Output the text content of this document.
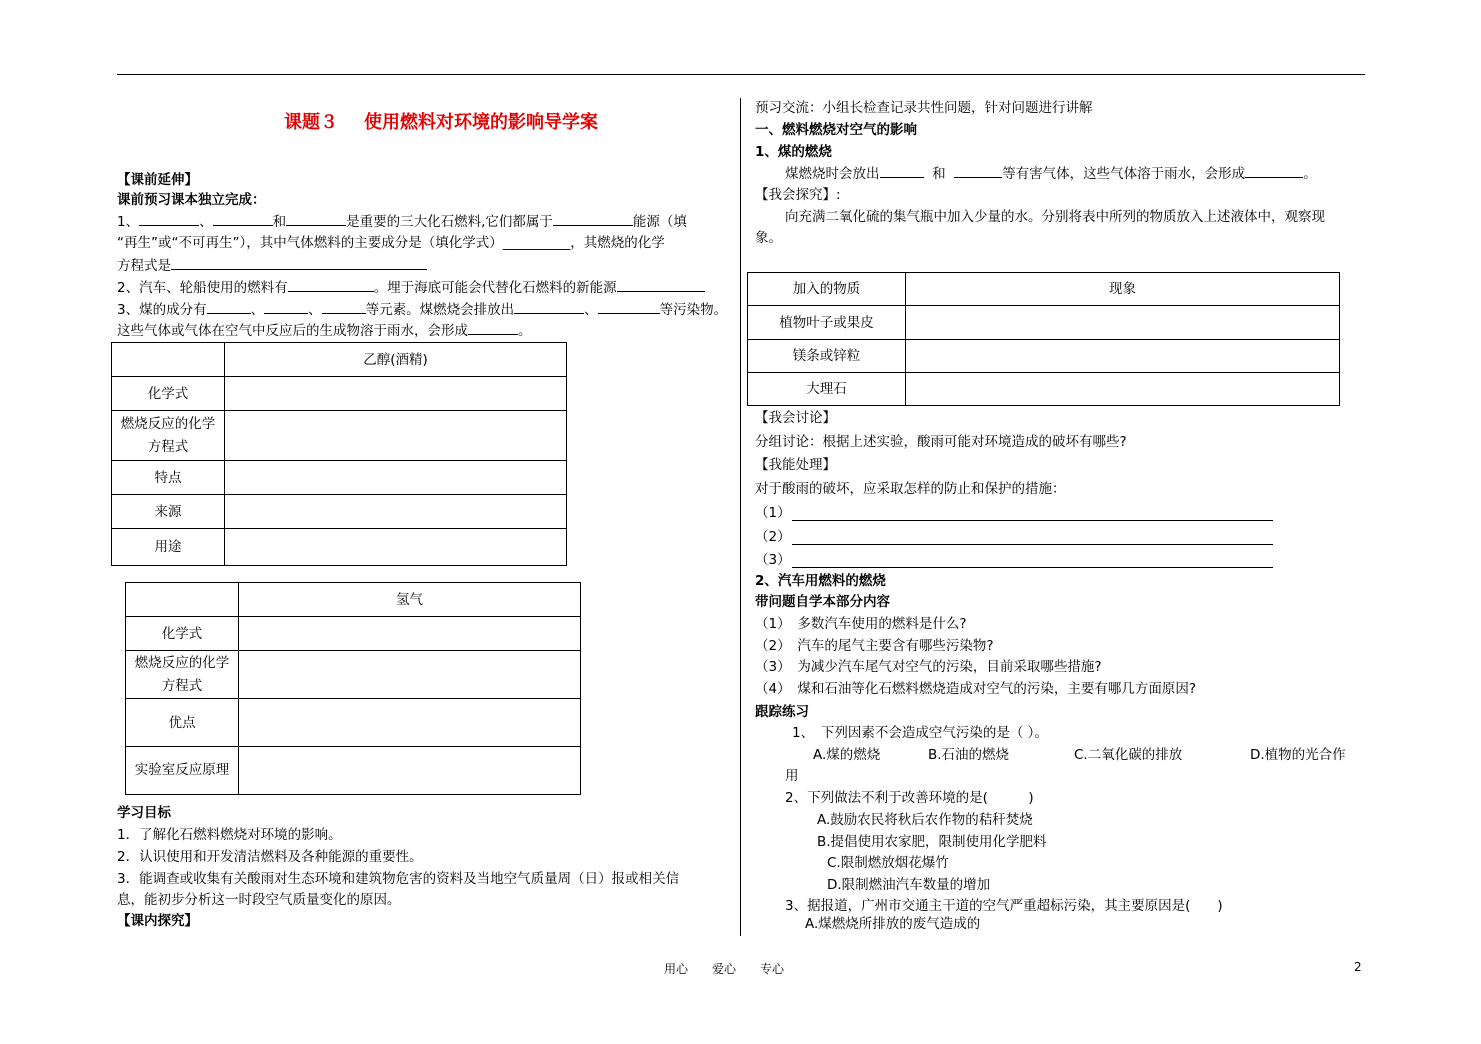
课题３ 使用燃料对环境的影响导学案
【课前延伸】
课前预习课本独立完成：
1、	、	和	是重要的三大化石燃料,它们都属于	能源（填
“再生”或“不可再生”），其中气体燃料的主要成分是（填化学式）__________，其燃烧的化学
方程式是
2、汽车、轮船使用的燃料有	。埋于海底可能会代替化石燃料的新能源
3、煤的成分有	、	、	等元素。煤燃烧会排放出	、	等污染物。
这些气体或气体在空气中反应后的生成物溶于雨水，会形成	。
	乙醇(酒精)
化学式	
燃烧反应的化学方程式	
特点	
来源	
用途	
	氢气
化学式	
燃烧反应的化学方程式	
优点	
实验室反应原理	
学习目标
1．了解化石燃料燃烧对环境的影响。
2．认识使用和开发清洁燃料及各种能源的重要性。
3．能调查或收集有关酸雨对生态环境和建筑物危害的资料及当地空气质量周（日）报或相关信
息，能初步分析这一时段空气质量变化的原因。
【课内探究】
预习交流：小组长检查记录共性问题，针对问题进行讲解
一、燃料燃烧对空气的影响
1、煤的燃烧
煤燃烧时会放出	和	等有害气体，这些气体溶于雨水，会形成	。
【我会探究】:
向充满二氧化硫的集气瓶中加入少量的水。分别将表中所列的物质放入上述液体中，观察现
象。
加入的物质	现象
植物叶子或果皮	
镁条或锌粒	
大理石	
【我会讨论】
分组讨论：根据上述实验，酸雨可能对环境造成的破坏有哪些?
【我能处理】
对于酸雨的破坏，应采取怎样的防止和保护的措施：
（1）
（2）
（3）
2、汽车用燃料的燃烧
带问题自学本部分内容
（1）　多数汽车使用的燃料是什么?
（2）　汽车的尾气主要含有哪些污染物?
（3）　为减少汽车尾气对空气的污染，目前采取哪些措施?
（4）　煤和石油等化石燃料燃烧造成对空气的污染，主要有哪几方面原因?
跟踪练习
1、　下列因素不会造成空气污染的是（ ）。
A.煤的燃烧	B.石油的燃烧	C.二氧化碳的排放	D.植物的光合作
用
2、下列做法不利于改善环境的是(　　　)
A.鼓励农民将秋后农作物的秸秆焚烧
B.提倡使用农家肥，限制使用化学肥料
C.限制燃放烟花爆竹
D.限制燃油汽车数量的增加
3、据报道，广州市交通主干道的空气严重超标污染，其主要原因是(　　)
A.煤燃烧所排放的废气造成的
用心　　爱心　　专心	2
